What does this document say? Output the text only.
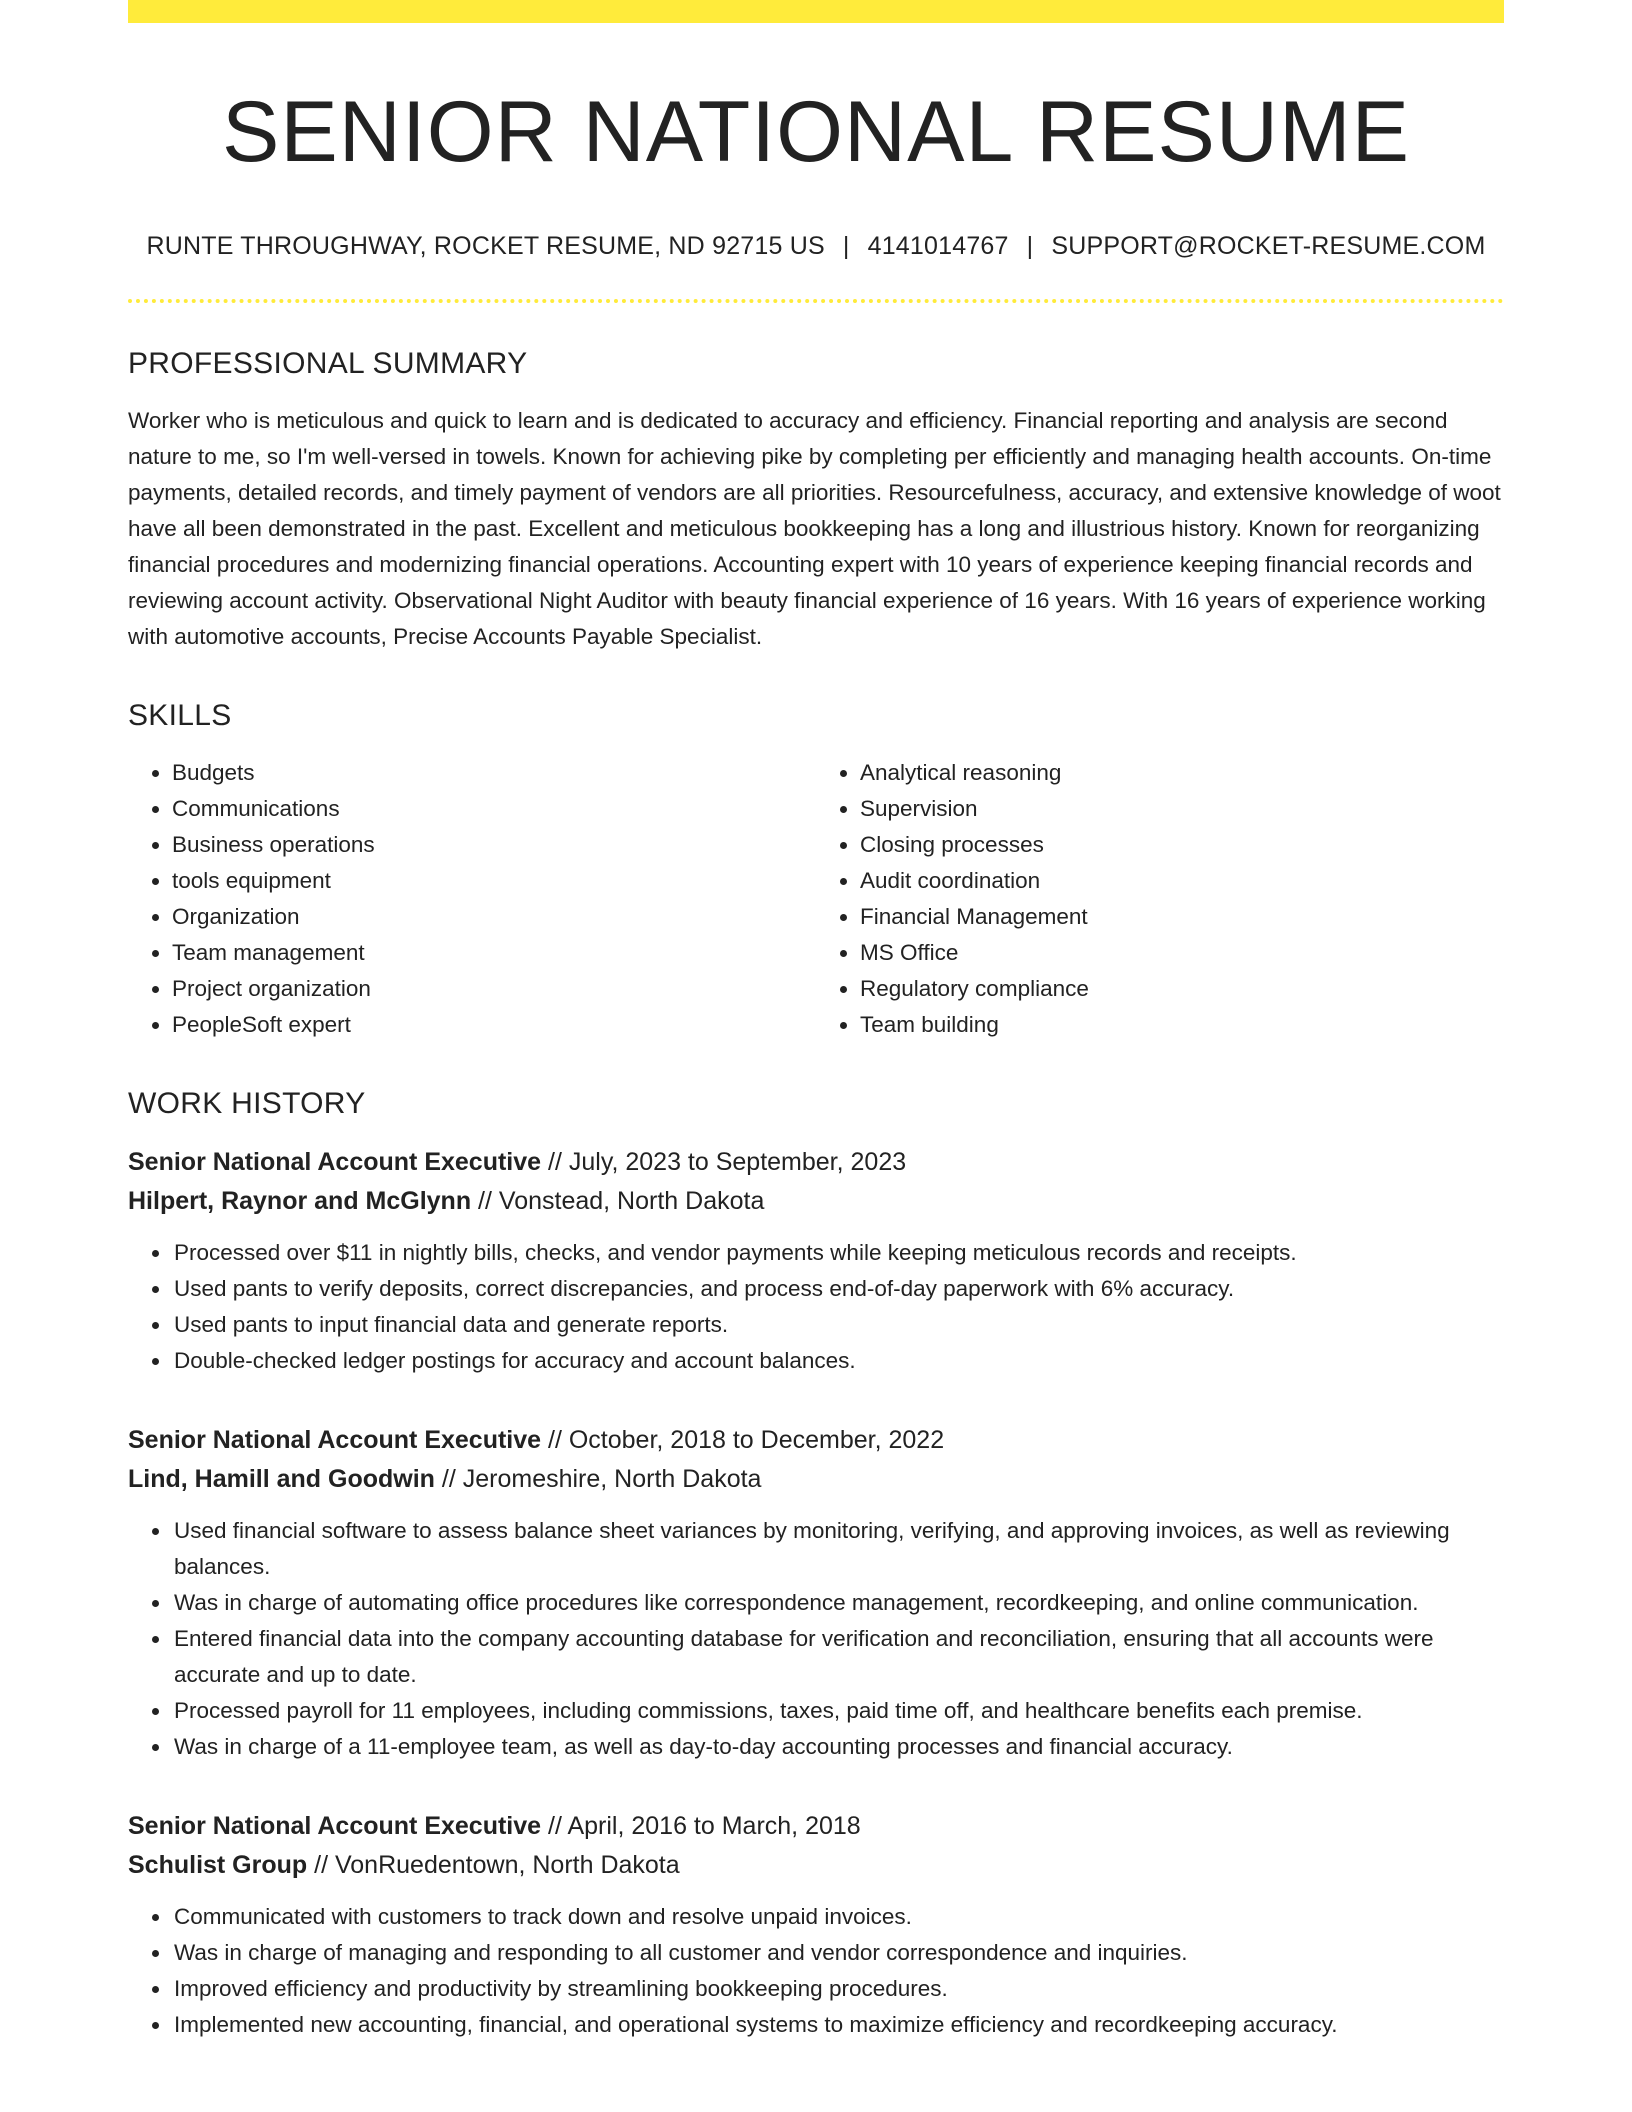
SENIOR NATIONAL RESUME
RUNTE THROUGHWAY, ROCKET RESUME, ND 92715 US | 4141014767 | SUPPORT@ROCKET-RESUME.COM
PROFESSIONAL SUMMARY

Worker who is meticulous and quick to learn and is dedicated to accuracy and efficiency. Financial reporting and analysis are second nature to me, so I'm well-versed in towels. Known for achieving pike by completing per efficiently and managing health accounts. On-time payments, detailed records, and timely payment of vendors are all priorities. Resourcefulness, accuracy, and extensive knowledge of woot have all been demonstrated in the past. Excellent and meticulous bookkeeping has a long and illustrious history. Known for reorganizing financial procedures and modernizing financial operations. Accounting expert with 10 years of experience keeping financial records and reviewing account activity. Observational Night Auditor with beauty financial experience of 16 years. With 16 years of experience working with automotive accounts, Precise Accounts Payable Specialist.

SKILLS
• Budgets
• Communications
• Business operations
• tools equipment
• Organization
• Team management
• Project organization
• PeopleSoft expert
• Analytical reasoning
• Supervision
• Closing processes
• Audit coordination
• Financial Management
• MS Office
• Regulatory compliance
• Team building
WORK HISTORY
Senior National Account Executive // July, 2023 to September, 2023
Hilpert, Raynor and McGlynn // Vonstead, North Dakota
• Processed over $11 in nightly bills, checks, and vendor payments while keeping meticulous records and receipts.
• Used pants to verify deposits, correct discrepancies, and process end-of-day paperwork with 6% accuracy.
• Used pants to input financial data and generate reports.
• Double-checked ledger postings for accuracy and account balances.
Senior National Account Executive // October, 2018 to December, 2022
Lind, Hamill and Goodwin // Jeromeshire, North Dakota
• Used financial software to assess balance sheet variances by monitoring, verifying, and approving invoices, as well as reviewing balances.
• Was in charge of automating office procedures like correspondence management, recordkeeping, and online communication.
• Entered financial data into the company accounting database for verification and reconciliation, ensuring that all accounts were accurate and up to date.
• Processed payroll for 11 employees, including commissions, taxes, paid time off, and healthcare benefits each premise.
• Was in charge of a 11-employee team, as well as day-to-day accounting processes and financial accuracy.
Senior National Account Executive // April, 2016 to March, 2018
Schulist Group // VonRuedentown, North Dakota
• Communicated with customers to track down and resolve unpaid invoices.
• Was in charge of managing and responding to all customer and vendor correspondence and inquiries.
• Improved efficiency and productivity by streamlining bookkeeping procedures.
• Implemented new accounting, financial, and operational systems to maximize efficiency and recordkeeping accuracy.
